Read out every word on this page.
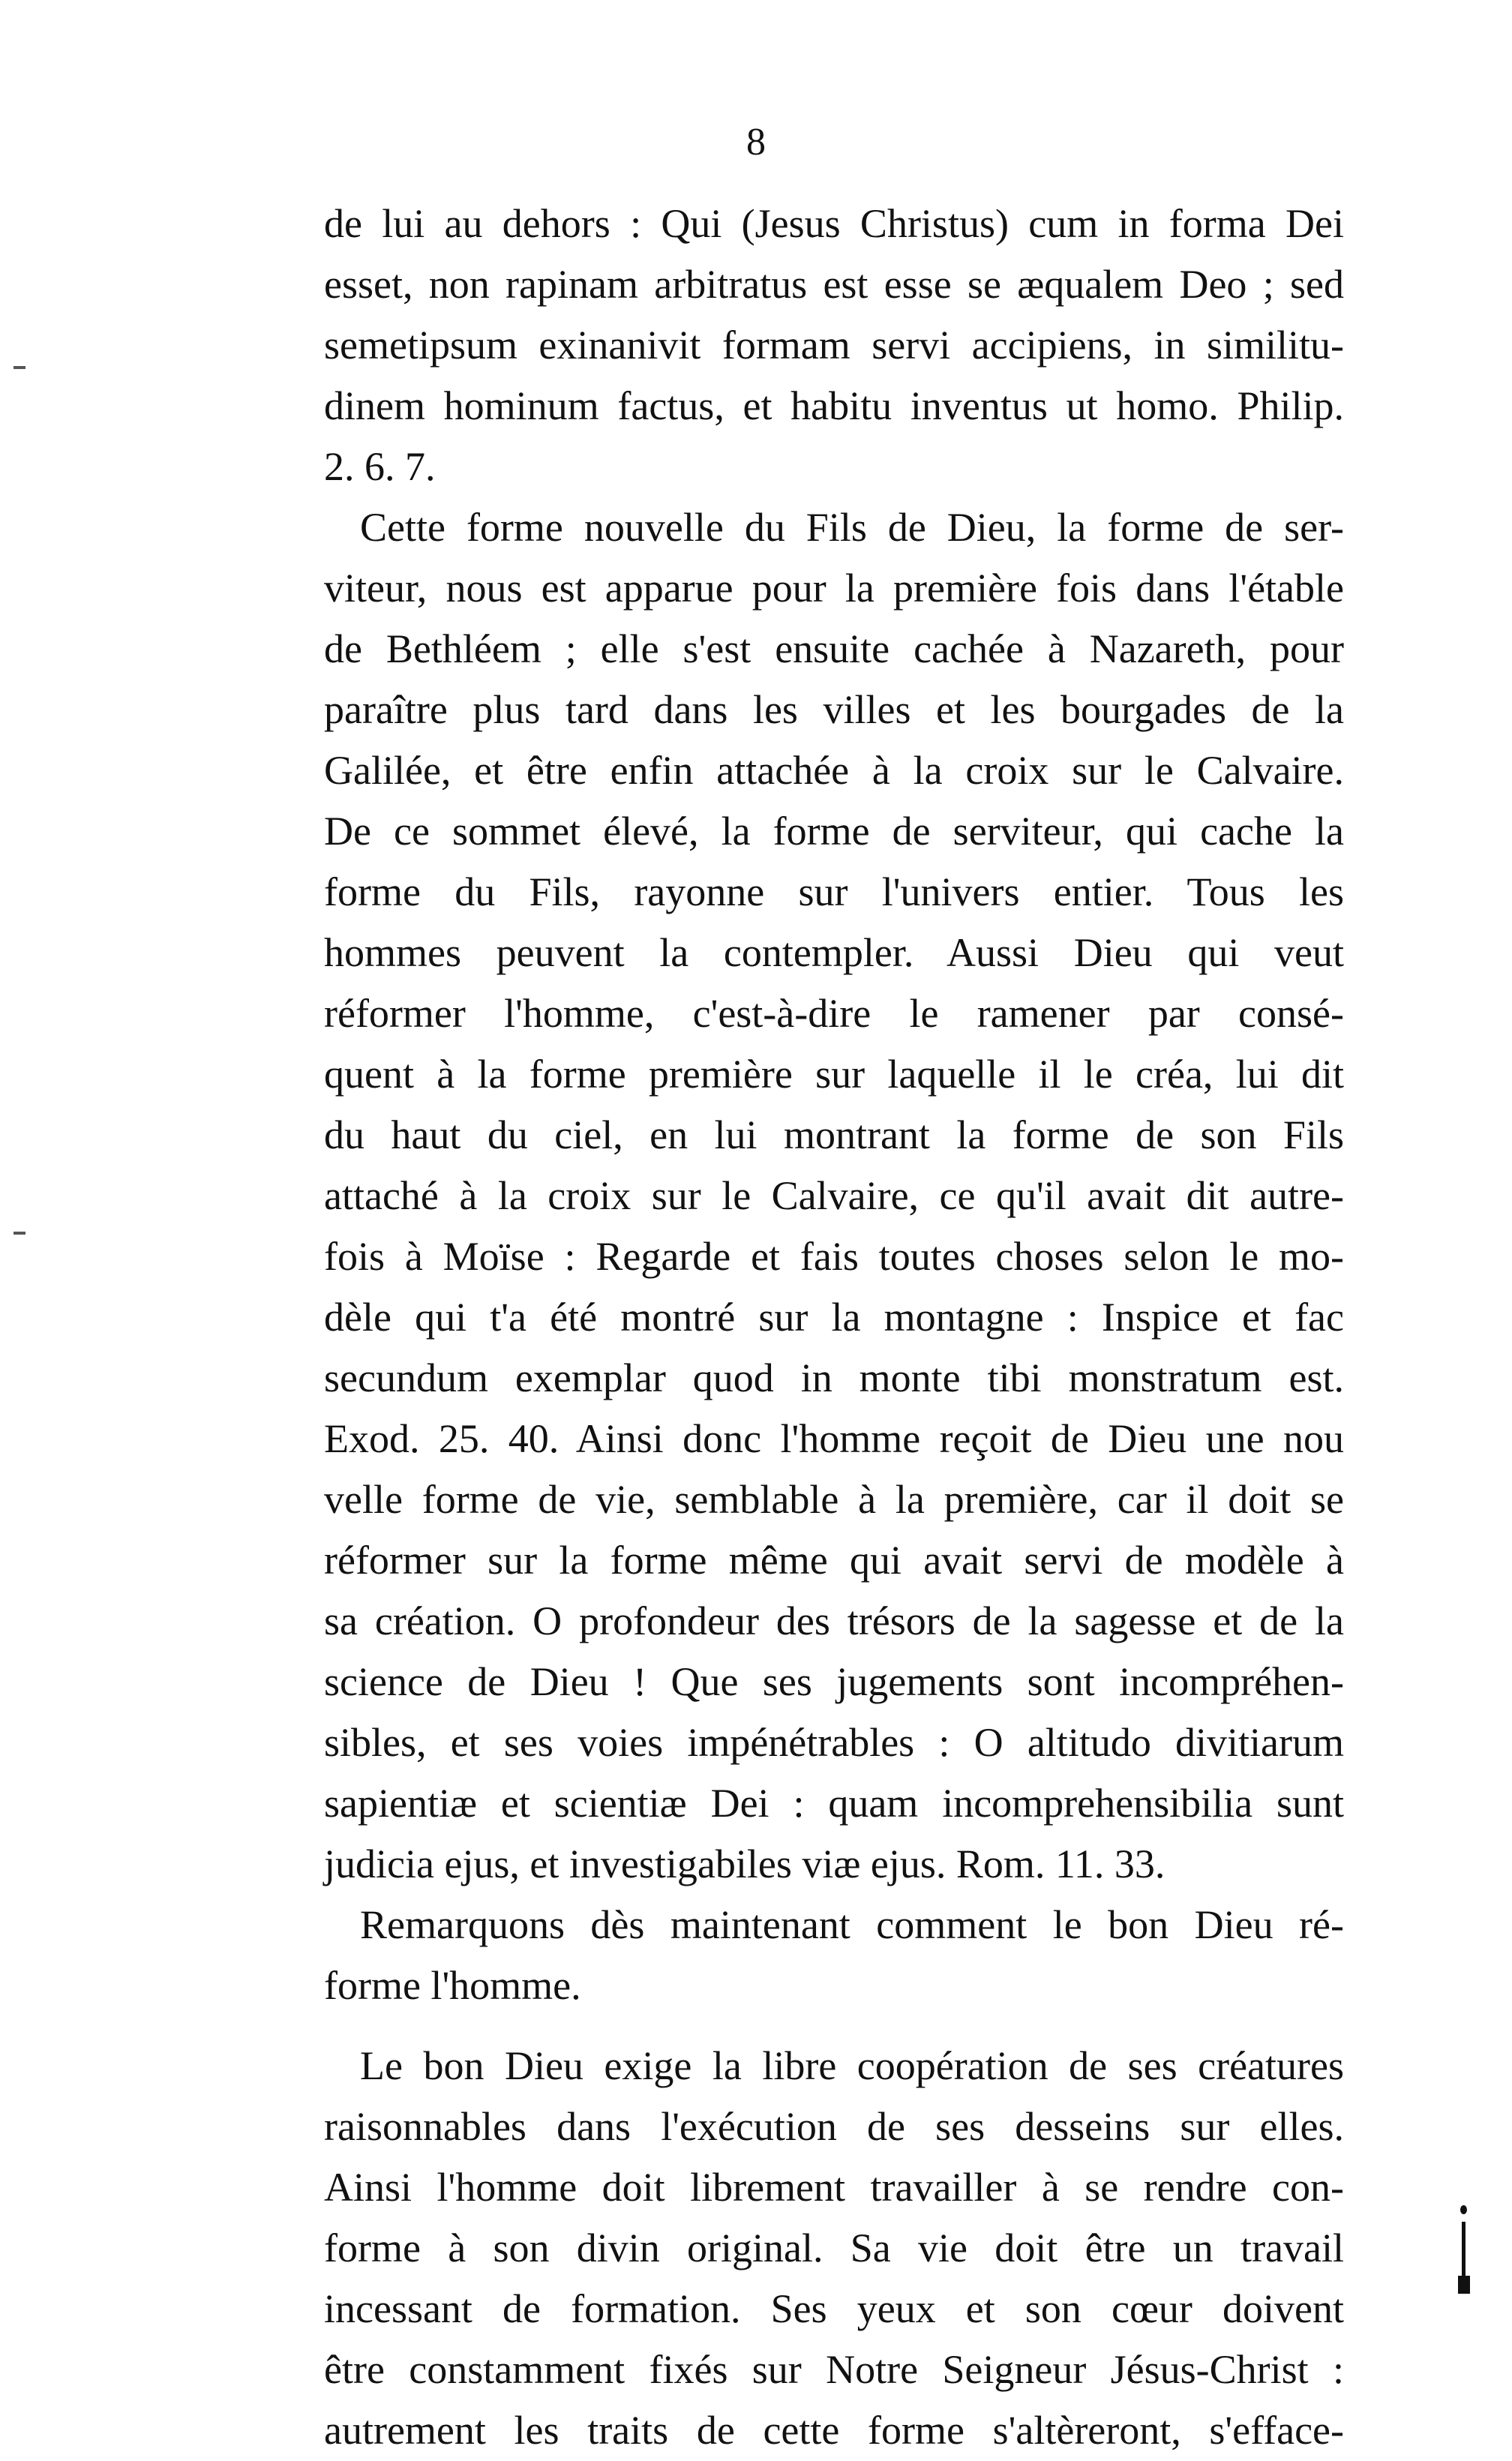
8
de lui au dehors : Qui (Jesus Christus) cum in forma Dei
esset, non rapinam arbitratus est esse se æqualem Deo ; sed
semetipsum exinanivit formam servi accipiens, in similitu-
dinem hominum factus, et habitu inventus ut homo. Philip.
2. 6. 7.
Cette forme nouvelle du Fils de Dieu, la forme de ser-
viteur, nous est apparue pour la première fois dans l'étable
de Bethléem ; elle s'est ensuite cachée à Nazareth, pour
paraître plus tard dans les villes et les bourgades de la
Galilée, et être enfin attachée à la croix sur le Calvaire.
De ce sommet élevé, la forme de serviteur, qui cache la
forme du Fils, rayonne sur l'univers entier. Tous les
hommes peuvent la contempler. Aussi Dieu qui veut
réformer l'homme, c'est-à-dire le ramener par consé-
quent à la forme première sur laquelle il le créa, lui dit
du haut du ciel, en lui montrant la forme de son Fils
attaché à la croix sur le Calvaire, ce qu'il avait dit autre-
fois à Moïse : Regarde et fais toutes choses selon le mo-
dèle qui t'a été montré sur la montagne : Inspice et fac
secundum exemplar quod in monte tibi monstratum est.
Exod. 25. 40. Ainsi donc l'homme reçoit de Dieu une nou
velle forme de vie, semblable à la première, car il doit se
réformer sur la forme même qui avait servi de modèle à
sa création. O profondeur des trésors de la sagesse et de la
science de Dieu ! Que ses jugements sont incompréhen-
sibles, et ses voies impénétrables : O altitudo divitiarum
sapientiæ et scientiæ Dei : quam incomprehensibilia sunt
judicia ejus, et investigabiles viæ ejus. Rom. 11. 33.
Remarquons dès maintenant comment le bon Dieu ré-
forme l'homme.
Le bon Dieu exige la libre coopération de ses créatures
raisonnables dans l'exécution de ses desseins sur elles.
Ainsi l'homme doit librement travailler à se rendre con-
forme à son divin original. Sa vie doit être un travail
incessant de formation. Ses yeux et son cœur doivent
être constamment fixés sur Notre Seigneur Jésus-Christ :
autrement les traits de cette forme s'altèreront, s'efface-
